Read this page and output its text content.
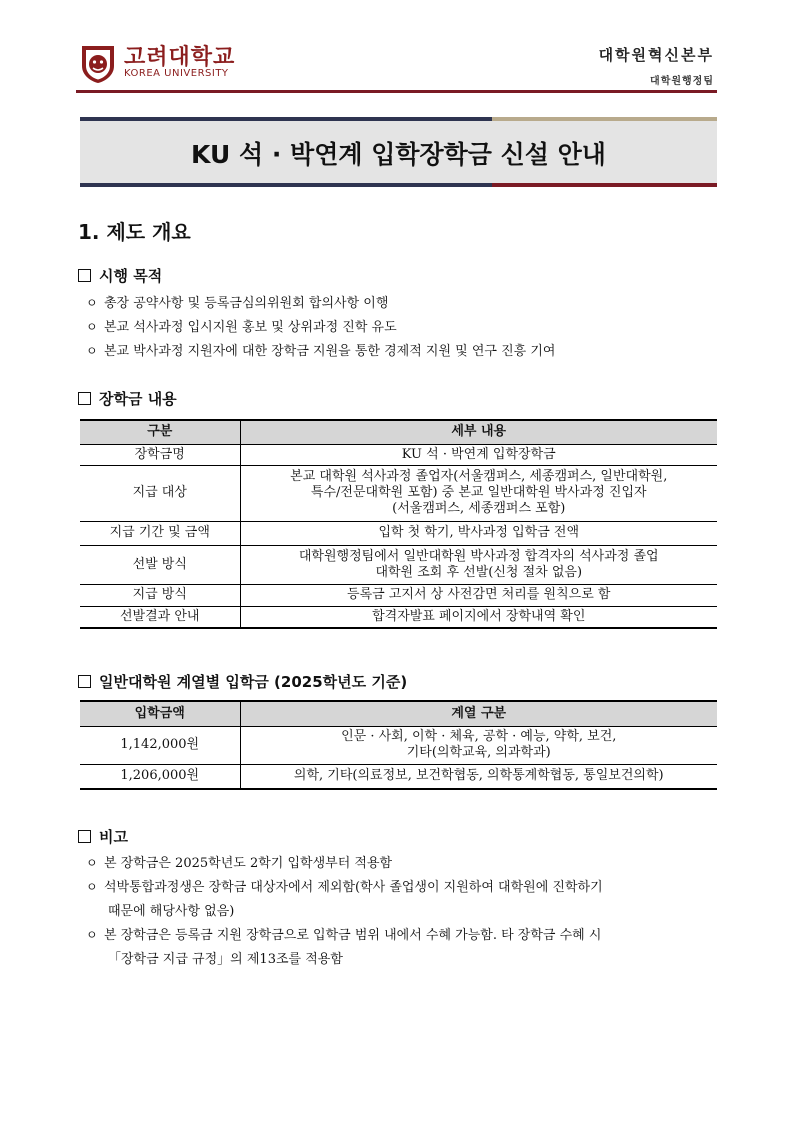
고려대학교
KOREA UNIVERSITY
대학원혁신본부
대학원행정팀
KU 석 · 박연계 입학장학금 신설 안내
1. 제도 개요
시행 목적
ㅇ 총장 공약사항 및 등록금심의위원회 합의사항 이행
ㅇ 본교 석사과정 입시지원 홍보 및 상위과정 진학 유도
ㅇ 본교 박사과정 지원자에 대한 장학금 지원을 통한 경제적 지원 및 연구 진흥 기여
장학금 내용
구분	세부 내용
장학금명	KU 석 · 박연계 입학장학금
지급 대상	본교 대학원 석사과정 졸업자(서울캠퍼스, 세종캠퍼스, 일반대학원,
특수/전문대학원 포함) 중 본교 일반대학원 박사과정 진입자
(서울캠퍼스, 세종캠퍼스 포함)

지급 기간 및 금액	입학 첫 학기, 박사과정 입학금 전액
선발 방식	대학원행정팀에서 일반대학원 박사과정 합격자의 석사과정 졸업
대학원 조회 후 선발(신청 절차 없음)

지급 방식	등록금 고지서 상 사전감면 처리를 원칙으로 함
선발결과 안내	합격자발표 페이지에서 장학내역 확인
일반대학원 계열별 입학금 (2025학년도 기준)
입학금액	계열 구분
1,142,000원	인문 · 사회, 이학 · 체육, 공학 · 예능, 약학, 보건,
기타(의학교육, 의과학과)

1,206,000원	의학, 기타(의료정보, 보건학협동, 의학통계학협동, 통일보건의학)
비고
ㅇ 본 장학금은 2025학년도 2학기 입학생부터 적용함
ㅇ 석박통합과정생은 장학금 대상자에서 제외함(학사 졸업생이 지원하여 대학원에 진학하기
때문에 해당사항 없음)
ㅇ 본 장학금은 등록금 지원 장학금으로 입학금 범위 내에서 수혜 가능함. 타 장학금 수혜 시
「장학금 지급 규정」의 제13조를 적용함
